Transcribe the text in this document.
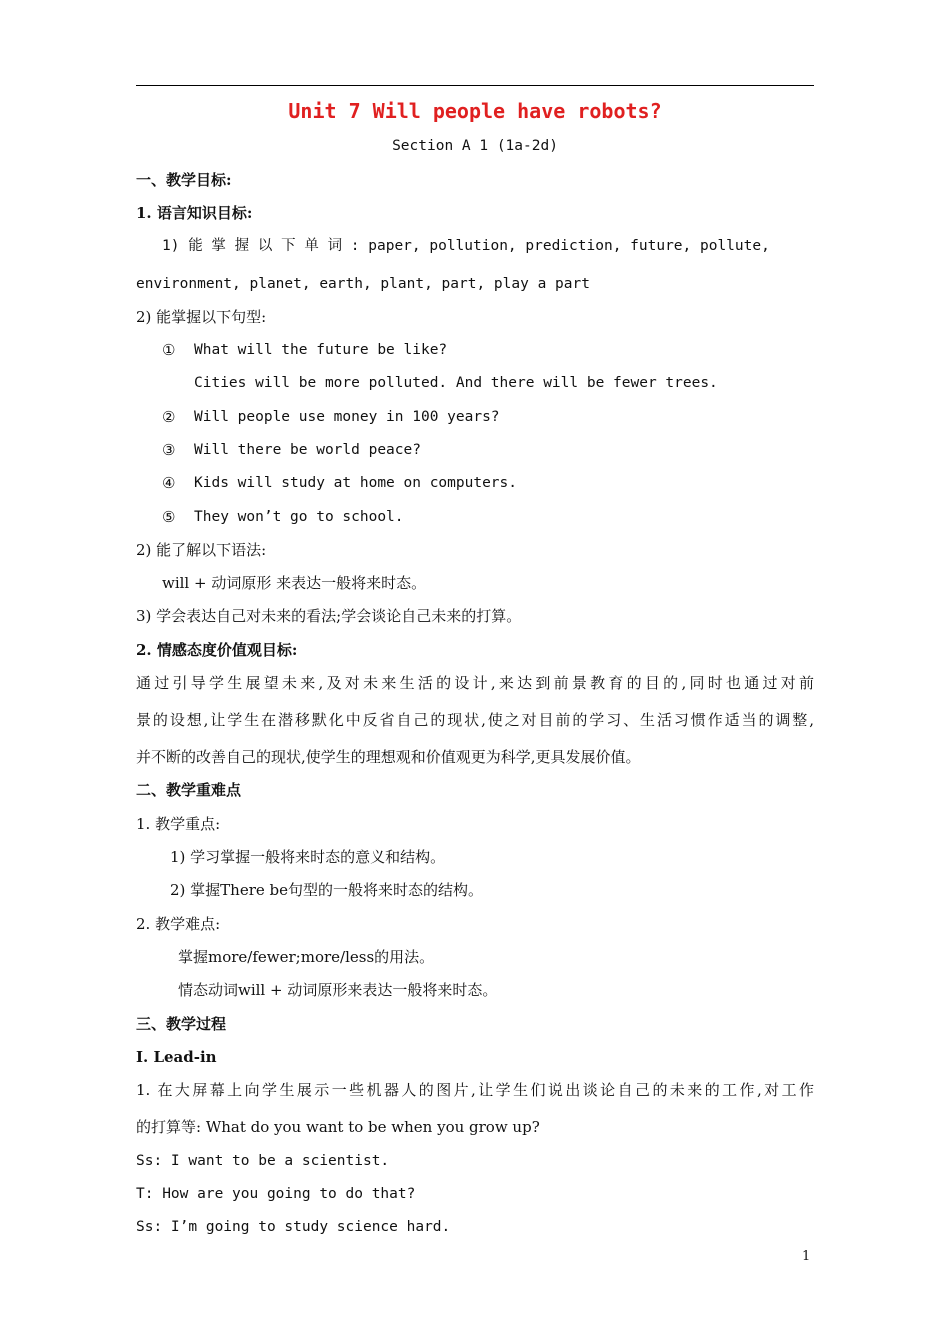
Unit 7 Will people have robots?
Section A 1 (1a-2d)
一、教学目标:
1. 语言知识目标:
1) 能 掌 握 以 下 单 词 : paper, pollution, prediction, future, pollute,
environment, planet, earth, plant, part, play a part
2) 能掌握以下句型:
① What will the future be like?
Cities will be more polluted. And there will be fewer trees.
② Will people use money in 100 years?
③ Will there be world peace?
④ Kids will study at home on computers.
⑤ They won’t go to school.
2) 能了解以下语法:
will + 动词原形 来表达一般将来时态。
3) 学会表达自己对未来的看法;学会谈论自己未来的打算。
2. 情感态度价值观目标:
通过引导学生展望未来,及对未来生活的设计,来达到前景教育的目的,同时也通过对前
景的设想,让学生在潜移默化中反省自己的现状,使之对目前的学习、生活习惯作适当的调整,
并不断的改善自己的现状,使学生的理想观和价值观更为科学,更具发展价值。
二、教学重难点
1. 教学重点:
1) 学习掌握一般将来时态的意义和结构。
2) 掌握There be句型的一般将来时态的结构。
2. 教学难点:
掌握more/fewer;more/less的用法。
情态动词will + 动词原形来表达一般将来时态。
三、教学过程
Ⅰ. Lead-in
1. 在大屏幕上向学生展示一些机器人的图片,让学生们说出谈论自己的未来的工作,对工作
的打算等: What do you want to be when you grow up?
Ss: I want to be a scientist.
T: How are you going to do that?
Ss: I’m going to study science hard.
1
